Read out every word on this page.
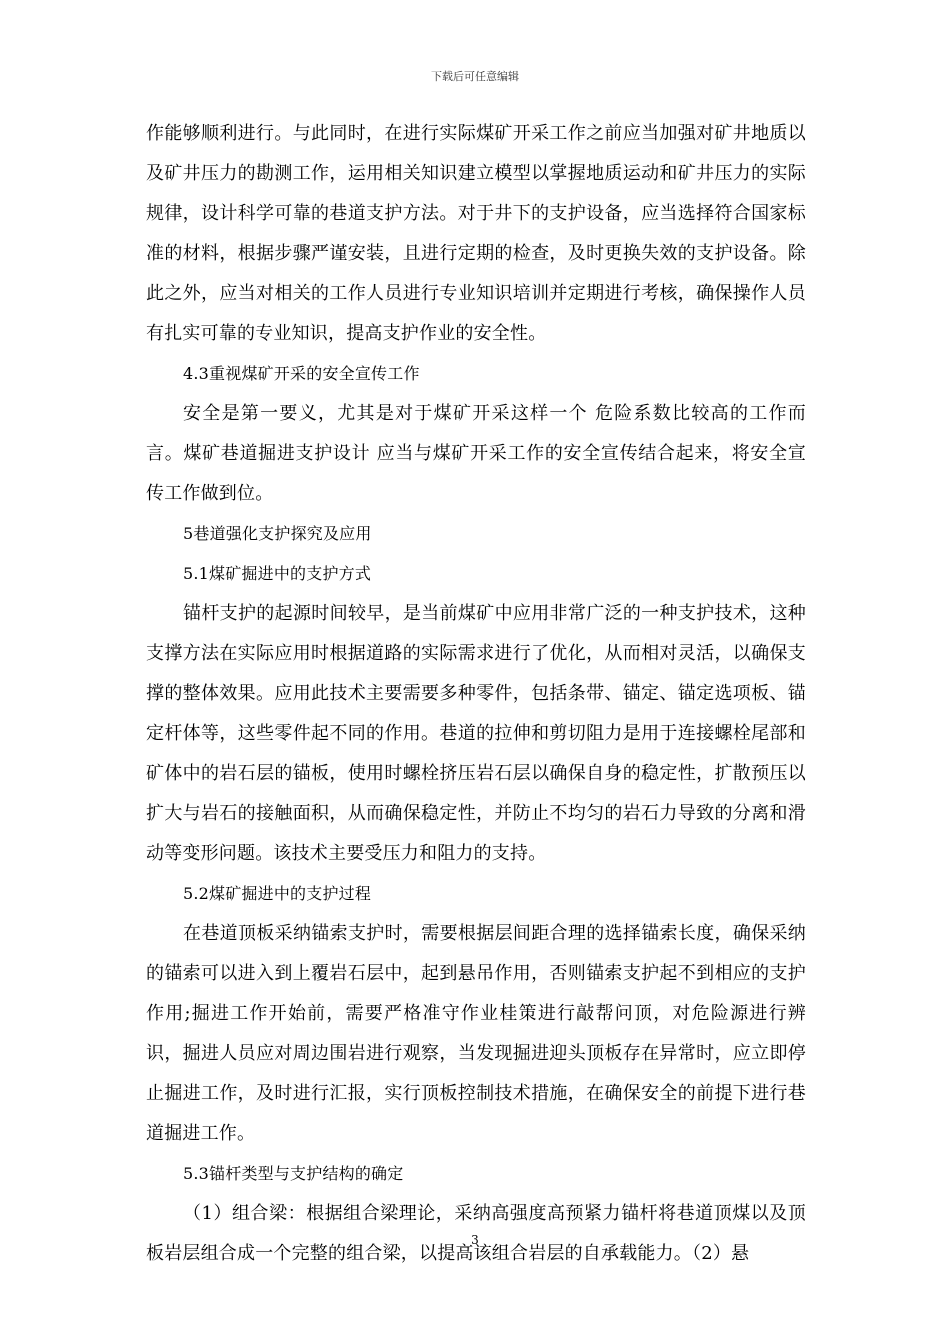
下载后可任意编辑

作能够顺利进行。与此同时，在进行实际煤矿开采工作之前应当加强对矿井地质以及矿井压力的勘测工作，运用相关知识建立模型以掌握地质运动和矿井压力的实际规律，设计科学可靠的巷道支护方法。对于井下的支护设备，应当选择符合国家标准的材料，根据步骤严谨安装，且进行定期的检查，及时更换失效的支护设备。除此之外，应当对相关的工作人员进行专业知识培训并定期进行考核，确保操作人员有扎实可靠的专业知识，提高支护作业的安全性。

4.3重视煤矿开采的安全宣传工作

安全是第一要义，尤其是对于煤矿开采这样一个 危险系数比较高的工作而言。煤矿巷道掘进支护设计 应当与煤矿开采工作的安全宣传结合起来，将安全宣 传工作做到位。

5巷道强化支护探究及应用

5.1煤矿掘进中的支护方式

锚杆支护的起源时间较早，是当前煤矿中应用非常广泛的一种支护技术，这种支撑方法在实际应用时根据道路的实际需求进行了优化，从而相对灵活，以确保支撑的整体效果。应用此技术主要需要多种零件，包括条带、锚定、锚定选项板、锚定杆体等，这些零件起不同的作用。巷道的拉伸和剪切阻力是用于连接螺栓尾部和矿体中的岩石层的锚板，使用时螺栓挤压岩石层以确保自身的稳定性，扩散预压以扩大与岩石的接触面积，从而确保稳定性，并防止不均匀的岩石力导致的分离和滑动等变形问题。该技术主要受压力和阻力的支持。

5.2煤矿掘进中的支护过程

在巷道顶板采纳锚索支护时，需要根据层间距合理的选择锚索长度，确保采纳的锚索可以进入到上覆岩石层中，起到悬吊作用，否则锚索支护起不到相应的支护作用;掘进工作开始前，需要严格准守作业桂策进行敲帮问顶，对危险源进行辨识，掘进人员应对周边围岩进行观察，当发现掘进迎头顶板存在异常时，应立即停止掘进工作，及时进行汇报，实行顶板控制技术措施，在确保安全的前提下进行巷道掘进工作。

5.3锚杆类型与支护结构的确定

（1）组合梁：根据组合梁理论，采纳高强度高预紧力锚杆将巷道顶煤以及顶板岩层组合成一个完整的组合梁，以提高该组合岩层的自承载能力。（2）悬

3
